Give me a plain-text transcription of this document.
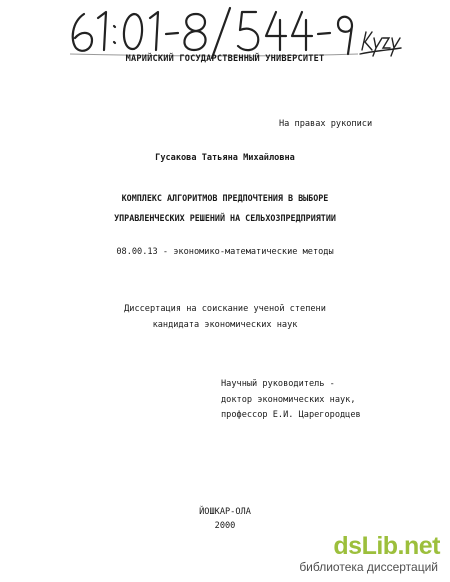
МАРИЙСКИЙ ГОСУДАРСТВЕННЫЙ УНИВЕРСИТЕТ
На правах рукописи
Гусакова Татьяна Михайловна
КОМПЛЕКС АЛГОРИТМОВ ПРЕДПОЧТЕНИЯ В ВЫБОРЕ
УПРАВЛЕНЧЕСКИХ РЕШЕНИЙ НА СЕЛЬХОЗПРЕДПРИЯТИИ
08.00.13 - экономико-математические методы
Диссертация на соискание ученой степени
кандидата экономических наук
Научный руководитель -
доктор экономических наук,
профессор Е.И. Царегородцев
ЙОШКАР-ОЛА
2000
dsLib.net
библиотека диссертаций
